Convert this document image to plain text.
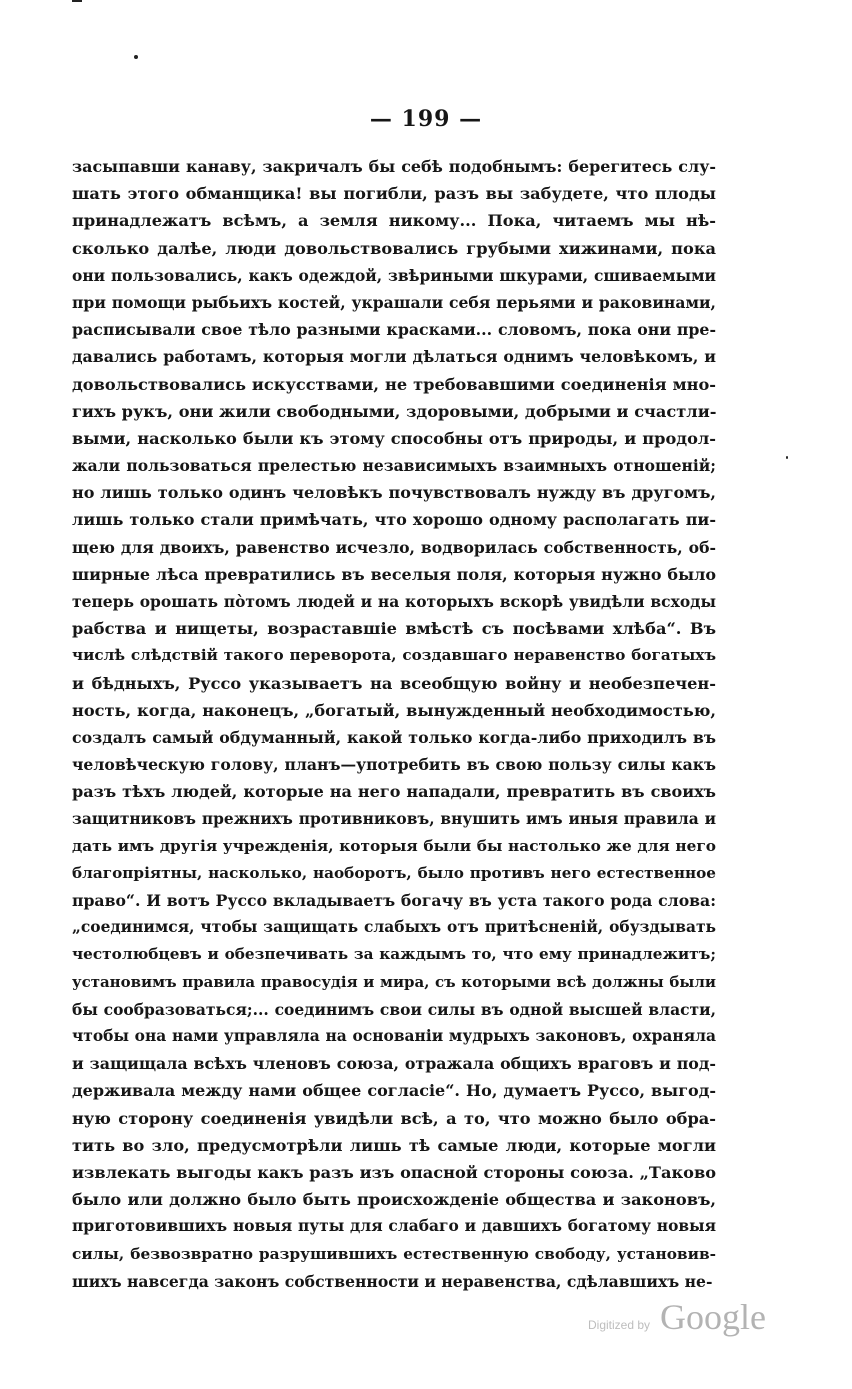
— 199 —
засыпавши канаву, закричалъ бы себѣ подобнымъ: берегитесь слу-
шать этого обманщика! вы погибли, разъ вы забудете, что плоды
принадлежатъ всѣмъ, а земля никому... Пока, читаемъ мы нѣ-
сколько далѣе, люди довольствовались грубыми хижинами, пока
они пользовались, какъ одеждой, звѣриными шкурами, сшиваемыми
при помощи рыбьихъ костей, украшали себя перьями и раковинами,
расписывали свое тѣло разными красками... словомъ, пока они пре-
давались работамъ, которыя могли дѣлаться однимъ человѣкомъ, и
довольствовались искусствами, не требовавшими соединенія мно-
гихъ рукъ, они жили свободными, здоровыми, добрыми и счастли-
выми, насколько были къ этому способны отъ природы, и продол-
жали пользоваться прелестью независимыхъ взаимныхъ отношеній;
но лишь только одинъ человѣкъ почувствовалъ нужду въ другомъ,
лишь только стали примѣчать, что хорошо одному располагать пи-
щею для двоихъ, равенство исчезло, водворилась собственность, об-
ширные лѣса превратились въ веселыя поля, которыя нужно было
теперь орошать пòтомъ людей и на которыхъ вскорѣ увидѣли всходы
рабства и нищеты, возраставшіе вмѣстѣ съ посѣвами хлѣба“. Въ
числѣ слѣдствій такого переворота, создавшаго неравенство богатыхъ
и бѣдныхъ, Руссо указываетъ на всеобщую войну и необезпечен-
ность, когда, наконецъ, „богатый, вынужденный необходимостью,
создалъ самый обдуманный, какой только когда-либо приходилъ въ
человѣческую голову, планъ—употребить въ свою пользу силы какъ
разъ тѣхъ людей, которые на него нападали, превратить въ своихъ
защитниковъ прежнихъ противниковъ, внушить имъ иныя правила и
дать имъ другія учрежденія, которыя были бы настолько же для него
благопріятны, насколько, наоборотъ, было противъ него естественное
право“. И вотъ Руссо вкладываетъ богачу въ уста такого рода слова:
„соединимся, чтобы защищать слабыхъ отъ притѣсненій, обуздывать
честолюбцевъ и обезпечивать за каждымъ то, что ему принадлежитъ;
установимъ правила правосудія и мира, съ которыми всѣ должны были
бы сообразоваться;... соединимъ свои силы въ одной высшей власти,
чтобы она нами управляла на основаніи мудрыхъ законовъ, охраняла
и защищала всѣхъ членовъ союза, отражала общихъ враговъ и под-
держивала между нами общее согласіе“. Но, думаетъ Руссо, выгод-
ную сторону соединенія увидѣли всѣ, а то, что можно было обра-
тить во зло, предусмотрѣли лишь тѣ самые люди, которые могли
извлекать выгоды какъ разъ изъ опасной стороны союза. „Таково
было или должно было быть происхожденіе общества и законовъ,
приготовившихъ новыя путы для слабаго и давшихъ богатому новыя
силы, безвозвратно разрушившихъ естественную свободу, установив-
шихъ навсегда законъ собственности и неравенства, сдѣлавшихъ не-
Digitized by Google
